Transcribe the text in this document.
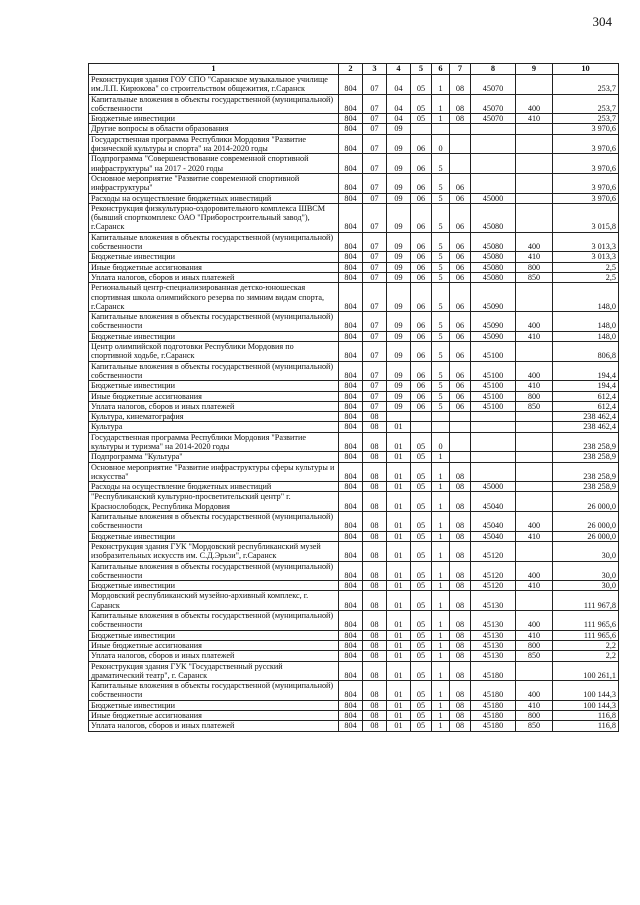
304
1	2	3	4	5	6	7	8	9	10
Реконструкция здания ГОУ СПО "Саранское музыкальное училище им.Л.П. Кирюкова" со строительством общежития, г.Саранск	804	07	04	05	1	08	45070		253,7
Капитальные вложения в объекты государственной (муниципальной) собственности	804	07	04	05	1	08	45070	400	253,7
Бюджетные инвестиции	804	07	04	05	1	08	45070	410	253,7
Другие вопросы в области образования	804	07	09						3 970,6
Государственная программа Республики Мордовия "Развитие физической культуры и спорта" на 2014-2020 годы	804	07	09	06	0				3 970,6
Подпрограмма "Совершенствование современной спортивной инфраструктуры" на 2017 - 2020 годы	804	07	09	06	5				3 970,6
Основное мероприятие "Развитие современной спортивной инфраструктуры"	804	07	09	06	5	06			3 970,6
Расходы на осуществление бюджетных инвестиций	804	07	09	06	5	06	45000		3 970,6
Реконструкция физкультурно-оздоровительного комплекса ШВСМ (бывший спорткомплекс ОАО "Приборостроительный завод"), г.Саранск	804	07	09	06	5	06	45080		3 015,8
Капитальные вложения в объекты государственной (муниципальной) собственности	804	07	09	06	5	06	45080	400	3 013,3
Бюджетные инвестиции	804	07	09	06	5	06	45080	410	3 013,3
Иные бюджетные ассигнования	804	07	09	06	5	06	45080	800	2,5
Уплата налогов, сборов и иных платежей	804	07	09	06	5	06	45080	850	2,5
Региональный центр-специализированная детско-юношеская спортивная школа олимпийского резерва по зимним видам спорта, г.Саранск	804	07	09	06	5	06	45090		148,0
Капитальные вложения в объекты государственной (муниципальной) собственности	804	07	09	06	5	06	45090	400	148,0
Бюджетные инвестиции	804	07	09	06	5	06	45090	410	148,0
Центр олимпийской подготовки Республики Мордовия по спортивной ходьбе, г.Саранск	804	07	09	06	5	06	45100		806,8
Капитальные вложения в объекты государственной (муниципальной) собственности	804	07	09	06	5	06	45100	400	194,4
Бюджетные инвестиции	804	07	09	06	5	06	45100	410	194,4
Иные бюджетные ассигнования	804	07	09	06	5	06	45100	800	612,4
Уплата налогов, сборов и иных платежей	804	07	09	06	5	06	45100	850	612,4
Культура, кинематография	804	08							238 462,4
Культура	804	08	01						238 462,4
Государственная программа Республики Мордовия "Развитие культуры и туризма" на 2014-2020 годы	804	08	01	05	0				238 258,9
Подпрограмма "Культура"	804	08	01	05	1				238 258,9
Основное мероприятие "Развитие инфраструктуры сферы культуры и искусства"	804	08	01	05	1	08			238 258,9
Расходы на осуществление бюджетных инвестиций	804	08	01	05	1	08	45000		238 258,9
"Республиканский культурно-просветительский центр" г. Краснослободск, Республика Мордовия	804	08	01	05	1	08	45040		26 000,0
Капитальные вложения в объекты государственной (муниципальной) собственности	804	08	01	05	1	08	45040	400	26 000,0
Бюджетные инвестиции	804	08	01	05	1	08	45040	410	26 000,0
Реконструкция здания ГУК "Мордовский республиканский музей изобразительных искусств им. С.Д.Эрьзи", г.Саранск	804	08	01	05	1	08	45120		30,0
Капитальные вложения в объекты государственной (муниципальной) собственности	804	08	01	05	1	08	45120	400	30,0
Бюджетные инвестиции	804	08	01	05	1	08	45120	410	30,0
Мордовский республиканский музейно-архивный комплекс, г. Саранск	804	08	01	05	1	08	45130		111 967,8
Капитальные вложения в объекты государственной (муниципальной) собственности	804	08	01	05	1	08	45130	400	111 965,6
Бюджетные инвестиции	804	08	01	05	1	08	45130	410	111 965,6
Иные бюджетные ассигнования	804	08	01	05	1	08	45130	800	2,2
Уплата налогов, сборов и иных платежей	804	08	01	05	1	08	45130	850	2,2
Реконструкция здания ГУК "Государственный русский драматический театр", г. Саранск	804	08	01	05	1	08	45180		100 261,1
Капитальные вложения в объекты государственной (муниципальной) собственности	804	08	01	05	1	08	45180	400	100 144,3
Бюджетные инвестиции	804	08	01	05	1	08	45180	410	100 144,3
Иные бюджетные ассигнования	804	08	01	05	1	08	45180	800	116,8
Уплата налогов, сборов и иных платежей	804	08	01	05	1	08	45180	850	116,8
